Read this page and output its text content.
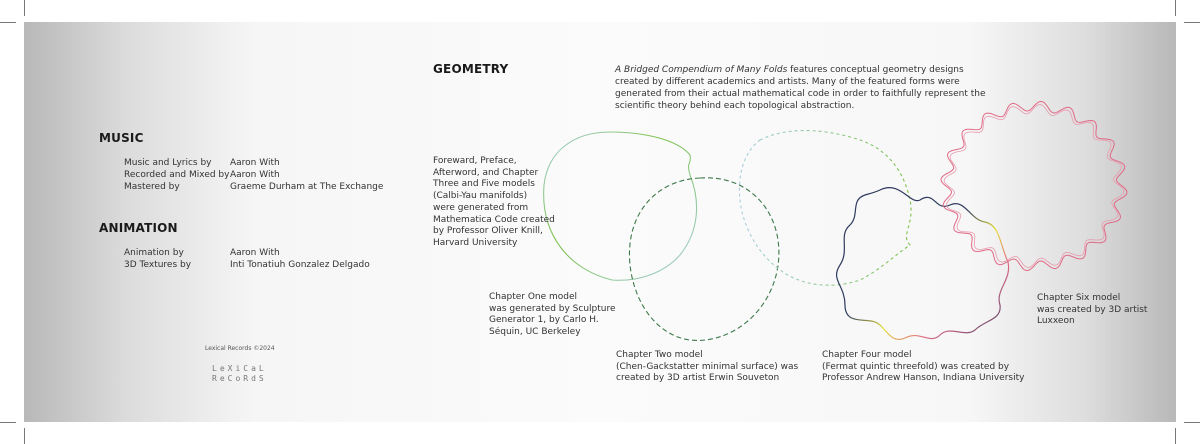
MUSIC
Music and Lyrics by Aaron With
Recorded and Mixed by Aaron With
Mastered by	Graeme Durham at The Exchange
ANIMATION
Animation by	Aaron With
3D Textures by	Inti Tonatiuh Gonzalez Delgado
Lexical Records ©2024
LeXiCaL
ReCoRdS
GEOMETRY	A Bridged Compendium of Many Folds features conceptual geometry designs
created by different academics and artists. Many of the featured forms were
generated from their actual mathematical code in order to faithfully represent the
scientific theory behind each topological abstraction.
Foreward, Preface,
Afterword, and Chapter
Three and Five models
(Calbi-Yau manifolds)
were generated from
Mathematica Code created
by Professor Oliver Knill,
Harvard University
Chapter One model
was generated by Sculpture
Generator 1, by Carlo H.
Séquin, UC Berkeley
Chapter Two model
(Chen-Gackstatter minimal surface) was
created by 3D artist Erwin Souveton
Chapter Four model
(Fermat quintic threefold) was created by
Professor Andrew Hanson, Indiana University
Chapter Six model
was created by 3D artist
Luxxeon
